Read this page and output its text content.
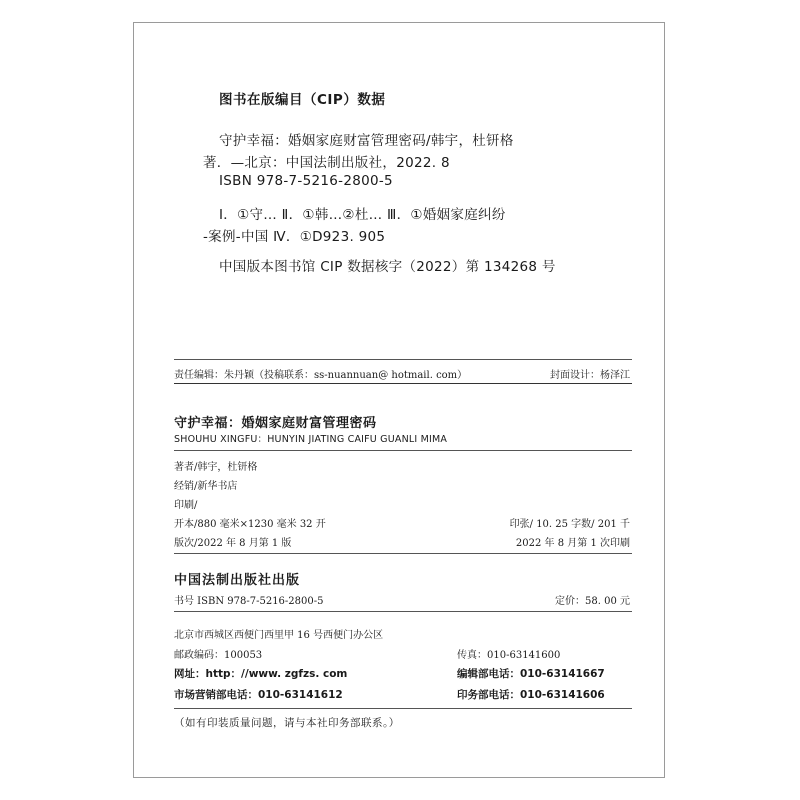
图书在版编目（CIP）数据
守护幸福：婚姻家庭财富管理密码/韩宇，杜钘格
著．—北京：中国法制出版社，2022. 8
ISBN 978-7-5216-2800-5
Ⅰ．①守… Ⅱ．①韩…②杜… Ⅲ．①婚姻家庭纠纷
-案例-中国 Ⅳ．①D923. 905
中国版本图书馆 CIP 数据核字（2022）第 134268 号
责任编辑：朱丹颖（投稿联系：ss-nuannuan@ hotmail. com）	封面设计：杨泽江
守护幸福：婚姻家庭财富管理密码
SHOUHU XINGFU：HUNYIN JIATING CAIFU GUANLI MIMA
著者/韩宇，杜钘格
经销/新华书店
印刷/
开本/880 毫米×1230 毫米 32 开	印张/ 10. 25 字数/ 201 千
版次/2022 年 8 月第 1 版	2022 年 8 月第 1 次印刷
中国法制出版社出版
书号 ISBN 978-7-5216-2800-5	定价：58. 00 元
北京市西城区西便门西里甲 16 号西便门办公区
邮政编码：100053	传真：010-63141600
网址：http：//www. zgfzs. com	编辑部电话：010-63141667
市场营销部电话：010-63141612	印务部电话：010-63141606
（如有印装质量问题，请与本社印务部联系。）
